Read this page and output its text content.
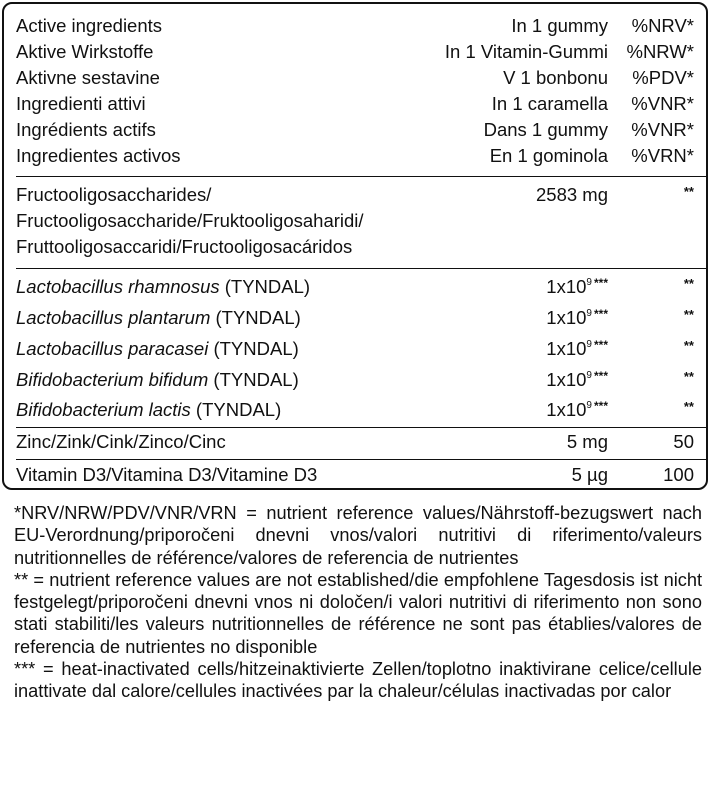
Active ingredients	In 1 gummy %NRV*
Aktive Wirkstoffe	In 1 Vitamin-Gummi %NRW*
Aktivne sestavine	V 1 bonbonu %PDV*
Ingredienti attivi	In 1 caramella %VNR*
Ingrédients actifs	Dans 1 gummy %VNR*
Ingredientes activos	En 1 gominola %VRN*
Fructooligosaccharides/	2583 mg	**
Fructooligosaccharide/Fruktooligosaharidi/
Fruttooligosaccaridi/Fructooligosacáridos
Lactobacillus rhamnosus (TYNDAL)	$1x10^9$ ***	**
Lactobacillus plantarum (TYNDAL)	$1x10^9$ ***	**
Lactobacillus paracasei (TYNDAL)	$1x10^9$ ***	**
Bifidobacterium bifidum (TYNDAL)	$1x10^9$ ***	**
Bifidobacterium lactis (TYNDAL)	$1x10^9$ ***	**
Zinc/Zink/Cink/Zinco/Cinc	5 mg	50
Vitamin D3/Vitamina D3/Vitamine D3	5 µg	100

*NRV/NRW/PDV/VNR/VRN = nutrient reference values/Nährstoff-bezugswert nach EU-Verordnung/priporočeni dnevni vnos/valori nutritivi di riferimento/valeurs nutritionnelles de référence/valores de referencia de nutrientes

** = nutrient reference values are not established/die empfohlene Tagesdosis ist nicht festgelegt/priporočeni dnevni vnos ni določen/i valori nutritivi di riferimento non sono stati stabiliti/les valeurs nutritionnelles de référence ne sont pas établies/valores de referencia de nutrientes no disponible

*** = heat-inactivated cells/hitzeinaktivierte Zellen/toplotno inaktivirane celice/cellule inattivate dal calore/cellules inactivées par la chaleur/células inactivadas por calor
